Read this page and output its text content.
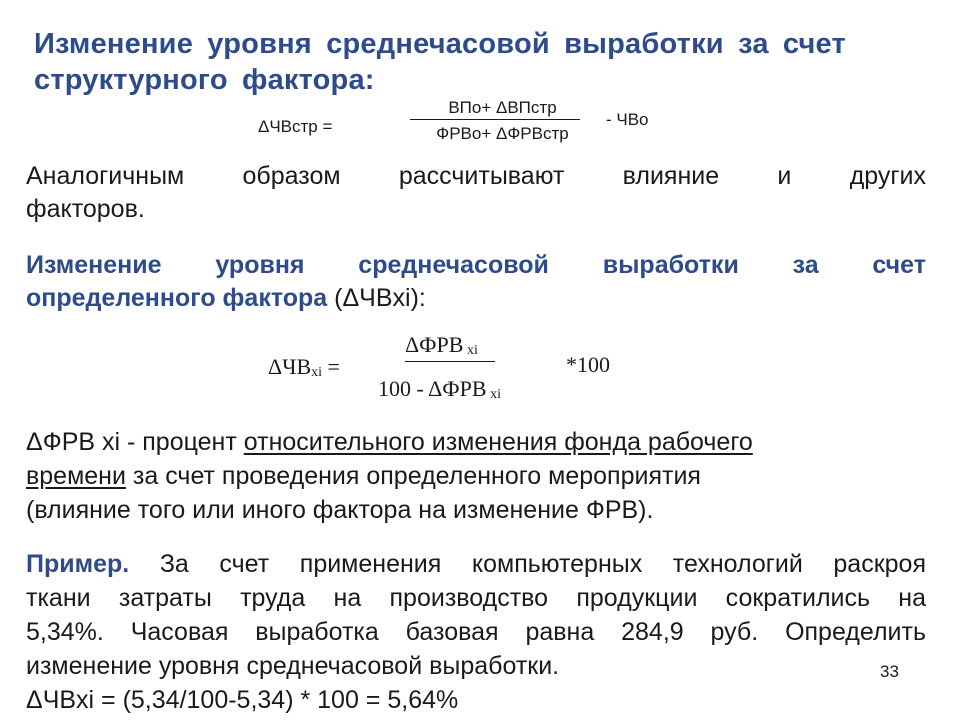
Изменение уровня среднечасовой выработки за счет структурного фактора:
ΔЧВстр =
ВПо+ ΔВПстр
ФРВо+ ΔФРВстр
- ЧВо
Аналогичным образом рассчитывают влияние и других
факторов.
Изменение уровня среднечасовой выработки за счет
определенного фактора (ΔЧВxi):
$\Delta ЧВ_{xi}$ =
ΔФРВ $_{xi}$
100 - ΔФРВ $_{xi}$
*100
ΔФРВ xi - процент относительного изменения фонда рабочего
времени за счет проведения определенного мероприятия
(влияние того или иного фактора на изменение ФРВ).
Пример. За счет применения компьютерных технологий раскроя
ткани затраты труда на производство продукции сократились на
5,34%. Часовая выработка базовая равна 284,9 руб. Определить
изменение уровня среднечасовой выработки.
ΔЧВxi = (5,34/100-5,34) * 100 = 5,64%
33
